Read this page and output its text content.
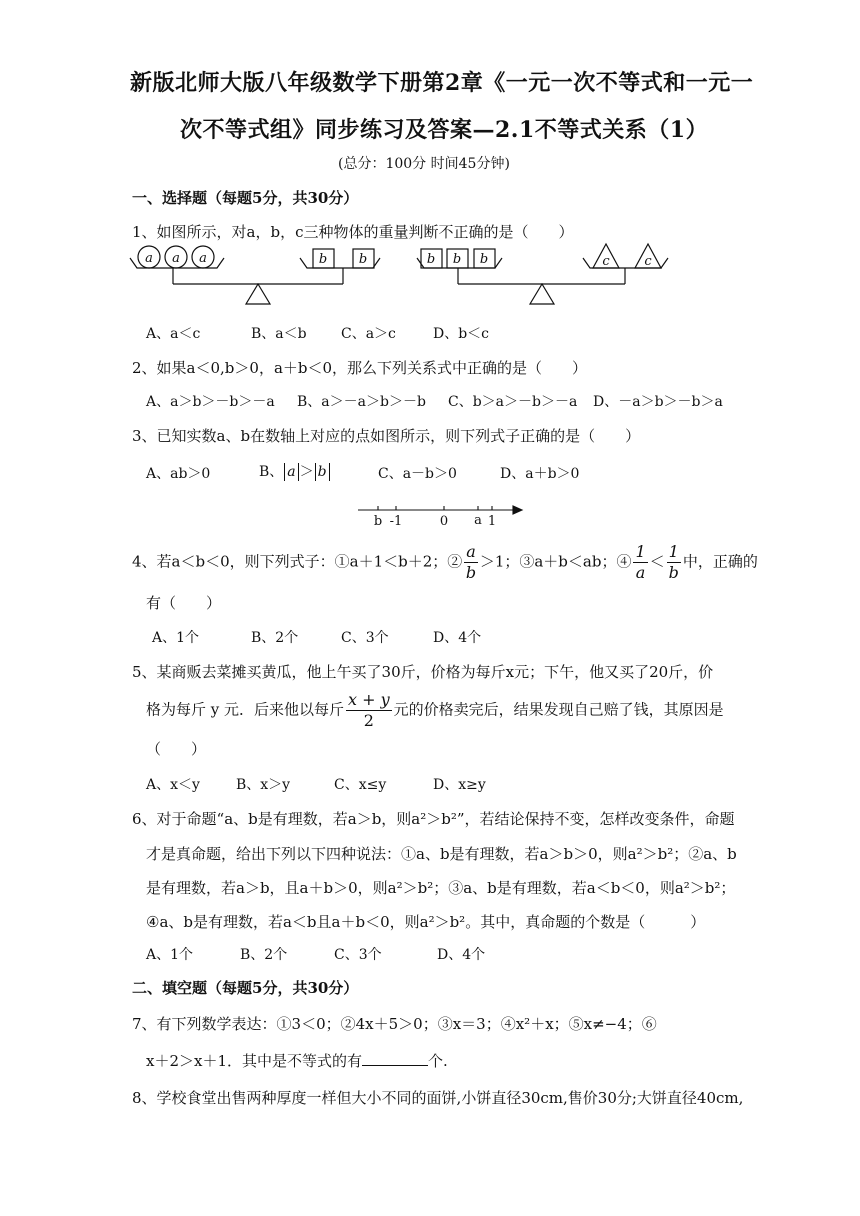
新版北师大版八年级数学下册第2章《一元一次不等式和一元一
次不等式组》同步练习及答案—2.1不等式关系（1）
(总分：100分 时间45分钟)
一、选择题（每题5分，共30分）
1、如图所示，对a，b，c三种物体的重量判断不正确的是（　　）
a a a	b b	b b b	c	c
A、a＜c	B、a＜b C、a＞c	D、b＜c
2、如果a＜0,b＞0，a＋b＜0，那么下列关系式中正确的是（　　）
A、a＞b＞－b＞－a B、a＞－a＞b＞－b C、b＞a＞－b＞－a D、－a＞b＞－b＞a
3、已知实数a、b在数轴上对应的点如图所示，则下列式子正确的是（　　）
A、ab＞0	B、 a ＞ b	C、a－b＞0	D、a＋b＞0
b -1	0 a 1
4、若a＜b＜0，则下列式子：①a＋1＜b＋2；② $\frac{a}{b} >1$；③a＋b＜ab；④ $\frac{1}{a} < \frac{1}{b}$ 中，正确的
有（　　）
A、1个	B、2个	C、3个	D、4个
5、某商贩去菜摊买黄瓜，他上午买了30斤，价格为每斤x元；下午，他又买了20斤，价
格为每斤 y 元．后来他以每斤 $\frac{x + y}{2}$ 元的价格卖完后，结果发现自己赔了钱，其原因是
（　　）
A、x＜y	B、x＞y	C、x≤y	D、x≥y
6、对于命题“a、b是有理数，若a＞b，则a²＞b²”，若结论保持不变，怎样改变条件，命题
才是真命题，给出下列以下四种说法：①a、b是有理数，若a＞b＞0，则a²＞b²；②a、b
是有理数，若a＞b，且a＋b＞0，则a²＞b²；③a、b是有理数，若a＜b＜0，则a²＞b²；
④a、b是有理数，若a＜b且a＋b＜0，则a²＞b²。其中，真命题的个数是（　　　）
A、1个	B、2个	C、3个	D、4个
二、填空题（每题5分，共30分）
7、有下列数学表达：①3＜0；②4x＋5＞0；③x＝3；④x²＋x；⑤x≠−4；⑥
x＋2＞x＋1．其中是不等式的有	个.
8、学校食堂出售两种厚度一样但大小不同的面饼,小饼直径30cm,售价30分;大饼直径40cm,
